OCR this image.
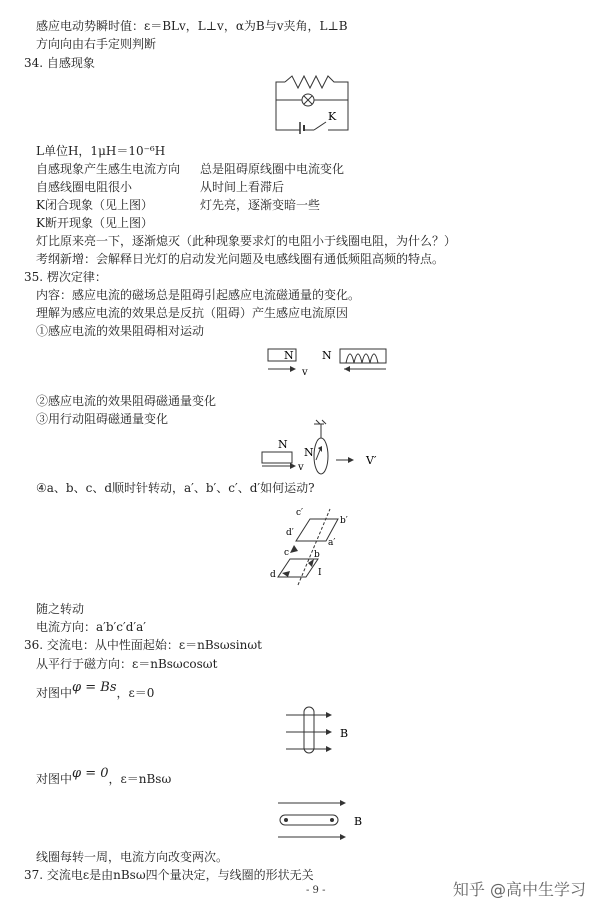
感应电动势瞬时值：ε＝BLv，L⊥v，α为B与v夹角，L⊥B
方向向由右手定则判断
34. 自感现象
K
L单位H，1μH＝10⁻⁶H
自感现象产生感生电流方向 总是阻碍原线圈中电流变化
自感线圈电阻很小	从时间上看滞后
K闭合现象（见上图）	灯先亮，逐渐变暗一些
K断开现象（见上图）
灯比原来亮一下，逐渐熄灭（此种现象要求灯的电阻小于线圈电阻，为什么？）
考纲新增：会解释日光灯的启动发光问题及电感线圈有通低频阻高频的特点。
35. 楞次定律：
内容：感应电流的磁场总是阻碍引起感应电流磁通量的变化。
理解为感应电流的效果总是反抗（阻碍）产生感应电流原因
①感应电流的效果阻碍相对运动
N
v
N
②感应电流的效果阻碍磁通量变化
③用行动阻碍磁通量变化
N
v
N
V′
④a、b、c、d顺时针转动，a′、b′、c′、d′如何运动?
c′
b′
d′
a′
c	b
d	I
随之转动
电流方向：a′b′c′d′a′
36. 交流电：从中性面起始：ε＝nBsωsinωt
从平行于磁方向：ε＝nBsωcosωt
对图中φ = Bs，ε＝0
B
对图中φ = 0，ε＝nBsω
B
线圈每转一周，电流方向改变两次。
37. 交流电ε是由nBsω四个量决定，与线圈的形状无关
- 9 -	知乎 @高中生学习
